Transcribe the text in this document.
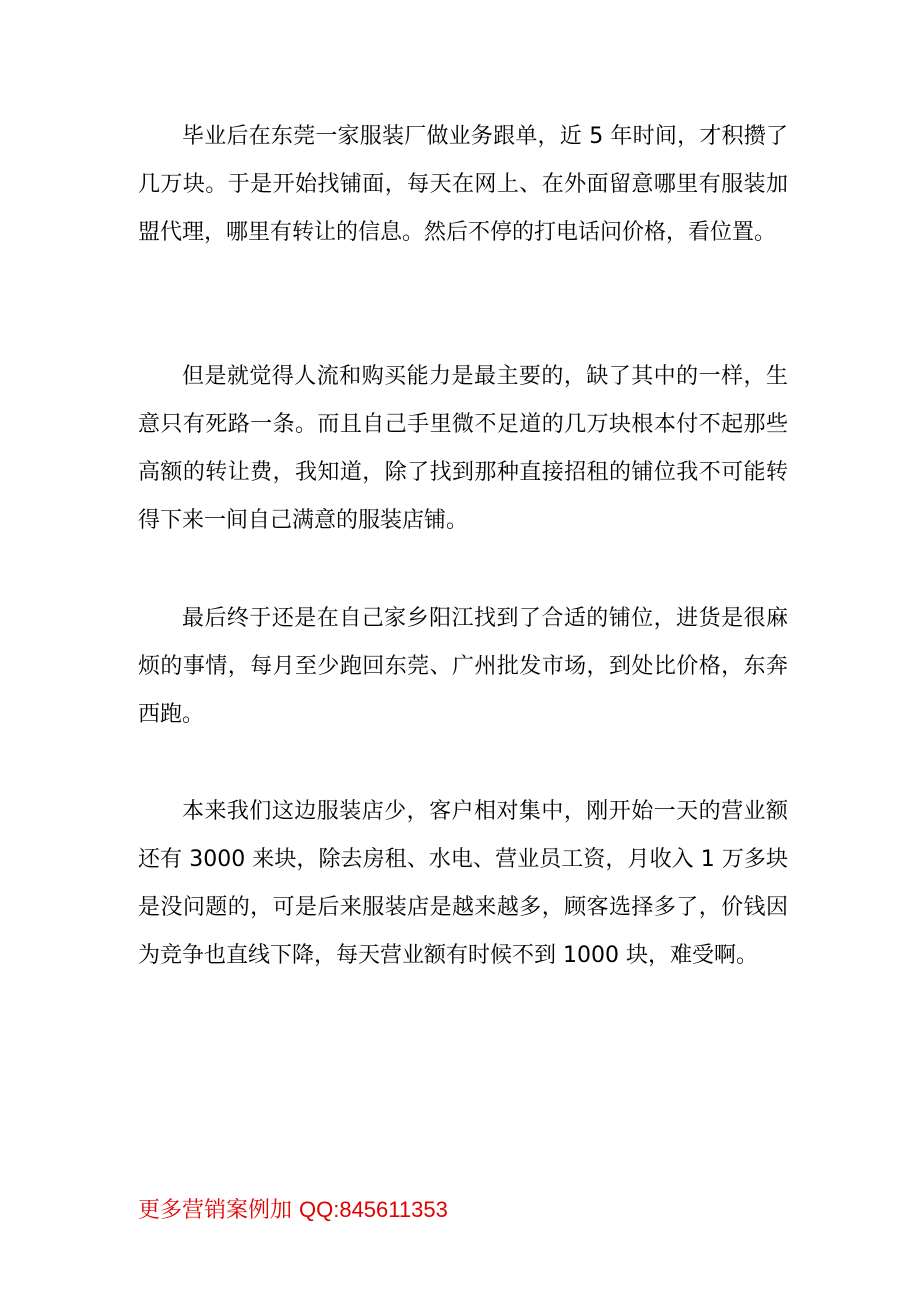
毕业后在东莞一家服装厂做业务跟单，近 5 年时间，才积攒了几万块。于是开始找铺面，每天在网上、在外面留意哪里有服装加盟代理，哪里有转让的信息。然后不停的打电话问价格，看位置。

但是就觉得人流和购买能力是最主要的，缺了其中的一样，生意只有死路一条。而且自己手里微不足道的几万块根本付不起那些高额的转让费，我知道，除了找到那种直接招租的铺位我不可能转得下来一间自己满意的服装店铺。

最后终于还是在自己家乡阳江找到了合适的铺位，进货是很麻烦的事情，每月至少跑回东莞、广州批发市场，到处比价格，东奔西跑。

本来我们这边服装店少，客户相对集中，刚开始一天的营业额还有 3000 来块，除去房租、水电、营业员工资，月收入 1 万多块是没问题的，可是后来服装店是越来越多，顾客选择多了，价钱因为竞争也直线下降，每天营业额有时候不到 1000 块，难受啊。

更多营销案例加 QQ:845611353
